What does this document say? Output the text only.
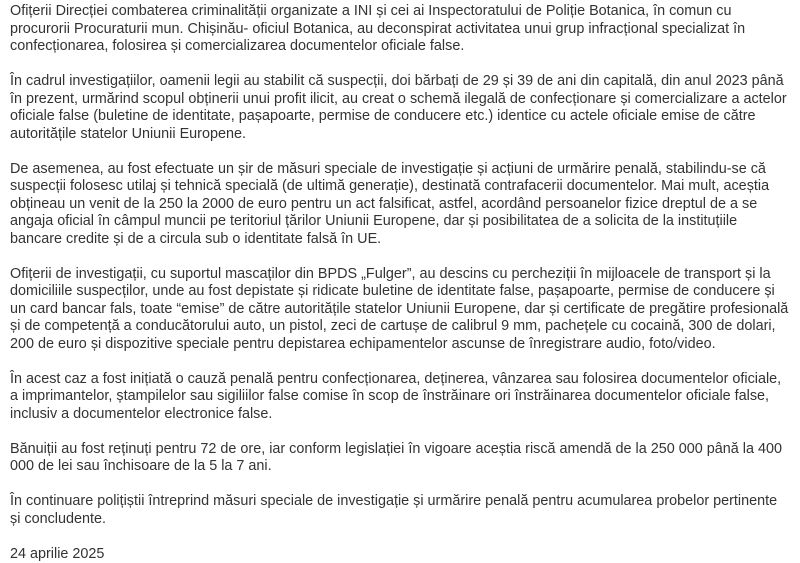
Ofițerii Direcției combaterea criminalității organizate a INI și cei ai Inspectoratului de Poliție Botanica, în comun cu procurorii Procuraturii mun. Chișinău- oficiul Botanica, au deconspirat activitatea unui grup infracțional specializat în confecționarea, folosirea și comercializarea documentelor oficiale false.

În cadrul investigațiilor, oamenii legii au stabilit că suspecții, doi bărbați de 29 și 39 de ani din capitală, din anul 2023 până în prezent, urmărind scopul obținerii unui profit ilicit, au creat o schemă ilegală de confecționare și comercializare a actelor oficiale false (buletine de identitate, pașapoarte, permise de conducere etc.) identice cu actele oficiale emise de către autoritățile statelor Uniunii Europene.

De asemenea, au fost efectuate un șir de măsuri speciale de investigație și acțiuni de urmărire penală, stabilindu-se că suspecții folosesc utilaj și tehnică specială (de ultimă generație), destinată contrafacerii documentelor. Mai mult, aceștia obțineau un venit de la 250 la 2000 de euro pentru un act falsificat, astfel, acordând persoanelor fizice dreptul de a se angaja oficial în câmpul muncii pe teritoriul țărilor Uniunii Europene, dar și posibilitatea de a solicita de la instituțiile bancare credite și de a circula sub o identitate falsă în UE.

Ofițerii de investigații, cu suportul mascaților din BPDS „Fulger”, au descins cu percheziții în mijloacele de transport și la domiciliile suspecților, unde au fost depistate și ridicate buletine de identitate false, pașapoarte, permise de conducere și un card bancar fals, toate “emise” de către autoritățile statelor Uniunii Europene, dar și certificate de pregătire profesională și de competență a conducătorului auto, un pistol, zeci de cartușe de calibrul 9 mm, pachețele cu cocaină, 300 de dolari, 200 de euro și dispozitive speciale pentru depistarea echipamentelor ascunse de înregistrare audio, foto/video.

În acest caz a fost inițiată o cauză penală pentru confecționarea, deținerea, vânzarea sau folosirea documentelor oficiale, a imprimantelor, ștampilelor sau sigiliilor false comise în scop de înstrăinare ori înstrăinarea documentelor oficiale false, inclusiv a documentelor electronice false.

Bănuiții au fost reținuți pentru 72 de ore, iar conform legislației în vigoare aceștia riscă amendă de la 250 000 până la 400 000 de lei sau închisoare de la 5 la 7 ani.

În continuare polițiștii întreprind măsuri speciale de investigație și urmărire penală pentru acumularea probelor pertinente și concludente.

24 aprilie 2025
